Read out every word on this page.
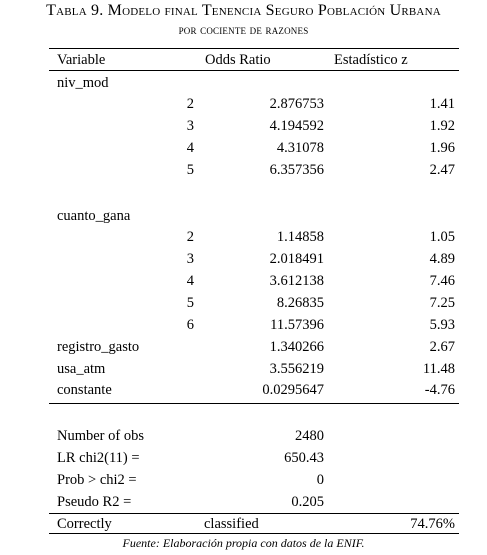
Tabla 9. Modelo final Tenencia Seguro Población Urbana
por cociente de razones
Variable	Odds Ratio	Estadístico z
niv_mod
2	2.876753	1.41
3	4.194592	1.92
4	4.31078	1.96
5	6.357356	2.47
cuanto_gana
2	1.14858	1.05
3	2.018491	4.89
4	3.612138	7.46
5	8.26835	7.25
6	11.57396	5.93
registro_gasto	1.340266	2.67
usa_atm	3.556219	11.48
constante	0.0295647	-4.76
Number of obs	2480
LR chi2(11) =	650.43
Prob > chi2 =	0
Pseudo R2 =	0.205
Correctly	classified	74.76%
Fuente: Elaboración propia con datos de la ENIF.
